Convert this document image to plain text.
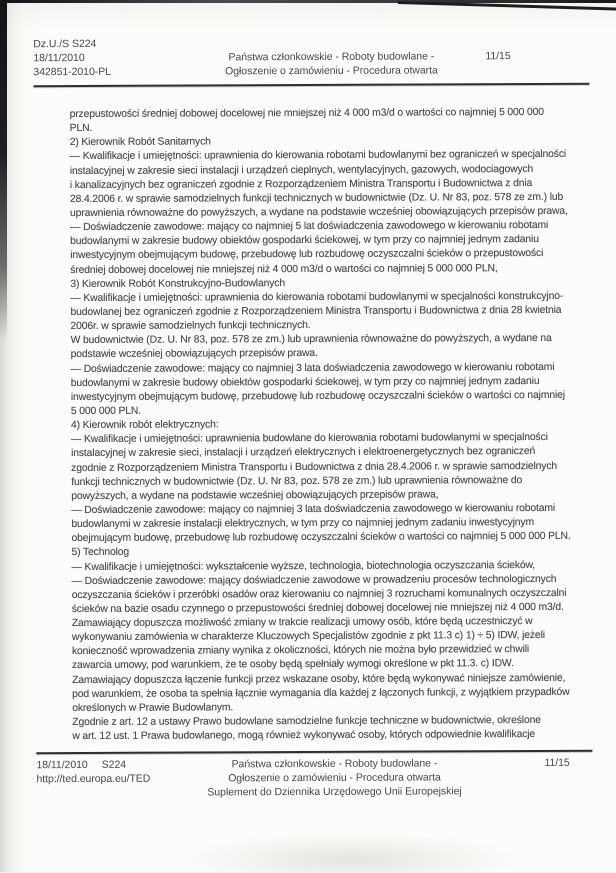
Dz.U./S S224
18/11/2010
342851-2010-PL
Państwa członkowskie - Roboty budowlane -
Ogłoszenie o zamówieniu - Procedura otwarta
11/15
przepustowości średniej dobowej docelowej nie mniejszej niż 4 000 m3/d o wartości co najmniej 5 000 000
PLN.
2) Kierownik Robót Sanitarnych
— Kwalifikacje i umiejętności: uprawnienia do kierowania robotami budowlanymi bez ograniczeń w specjalności
instalacyjnej w zakresie sieci instalacji i urządzeń cieplnych, wentylacyjnych, gazowych, wodociagowych
i kanalizacyjnych bez ograniczeń zgodnie z Rozporządzeniem Ministra Transportu i Budownictwa z dnia
28.4.2006 r. w sprawie samodzielnych funkcji technicznych w budownictwie (Dz. U. Nr 83, poz. 578 ze zm.) lub
uprawnienia równoważne do powyższych, a wydane na podstawie wcześniej obowiązujących przepisów prawa,
— Doświadczenie zawodowe: mający co najmniej 5 lat doświadczenia zawodowego w kierowaniu robotami
budowlanymi w zakresie budowy obiektów gospodarki ściekowej, w tym przy co najmniej jednym zadaniu
inwestycyjnym obejmującym budowę, przebudowę lub rozbudowę oczyszczalni ścieków o przepustowości
średniej dobowej docelowej nie mniejszej niż 4 000 m3/d o wartości co najmniej 5 000 000 PLN,
3) Kierownik Robót Konstrukcyjno-Budowlanych
— Kwalifikacje i umiejętności: uprawnienia do kierowania robotami budowlanymi w specjalności konstrukcyjno-
budowlanej bez ograniczeń zgodnie z Rozporządzeniem Ministra Transportu i Budownictwa z dnia 28 kwietnia
2006r. w sprawie samodzielnych funkcji technicznych.
W budownictwie (Dz. U. Nr 83, poz. 578 ze zm.) lub uprawnienia równoważne do powyższych, a wydane na
podstawie wcześniej obowiązujących przepisów prawa.
— Doświadczenie zawodowe: mający co najmniej 3 lata doświadczenia zawodowego w kierowaniu robotami
budowlanymi w zakresie budowy obiektów gospodarki ściekowej, w tym przy co najmniej jednym zadaniu
inwestycyjnym obejmującym budowę, przebudowę lub rozbudowę oczyszczalni ścieków o wartości co najmniej
5 000 000 PLN.
4) Kierownik robót elektrycznych:
— Kwalifikacje i umiejętności: uprawnienia budowlane do kierowania robotami budowlanymi w specjalności
instalacyjnej w zakresie sieci, instalacji i urządzeń elektrycznych i elektroenergetycznych bez ograniczeń
zgodnie z Rozporządzeniem Ministra Transportu i Budownictwa z dnia 28.4.2006 r. w sprawie samodzielnych
funkcji technicznych w budownictwie (Dz. U. Nr 83, poz. 578 ze zm.) lub uprawnienia równoważne do
powyższych, a wydane na podstawie wcześniej obowiązujących przepisów prawa,
— Doświadczenie zawodowe: mający co najmniej 3 lata doświadczenia zawodowego w kierowaniu robotami
budowlanymi w zakresie instalacji elektrycznych, w tym przy co najmniej jednym zadaniu inwestycyjnym
obejmującym budowę, przebudowę lub rozbudowę oczyszczalni ścieków o wartości co najmniej 5 000 000 PLN.
5) Technolog
— Kwalifikacje i umiejętności: wykształcenie wyższe, technologia, biotechnologia oczyszczania ścieków,
— Doświadczenie zawodowe: mający doświadczenie zawodowe w prowadzeniu procesów technologicznych
oczyszczania ścieków i przeróbki osadów oraz kierowaniu co najmniej 3 rozruchami komunalnych oczyszczalni
ścieków na bazie osadu czynnego o przepustowości średniej dobowej docelowej nie mniejszej niż 4 000 m3/d.
Zamawiający dopuszcza możliwość zmiany w trakcie realizacji umowy osób, które będą uczestniczyć w
wykonywaniu zamówienia w charakterze Kluczowych Specjalistów zgodnie z pkt 11.3 c) 1) ÷ 5) IDW, jeżeli
konieczność wprowadzenia zmiany wynika z okoliczności, których nie można było przewidzieć w chwili
zawarcia umowy, pod warunkiem, że te osoby będą spełniały wymogi określone w pkt 11.3. c) IDW.
Zamawiający dopuszcza łączenie funkcji przez wskazane osoby, które będą wykonywać niniejsze zamówienie,
pod warunkiem, że osoba ta spełnia łącznie wymagania dla każdej z łączonych funkcji, z wyjątkiem przypadków
określonych w Prawie Budowlanym.
Zgodnie z art. 12 a ustawy Prawo budowlane samodzielne funkcje techniczne w budownictwie, określone
w art. 12 ust. 1 Prawa budowlanego, mogą również wykonywać osoby, których odpowiednie kwalifikacje
18/11/2010 S224
http://ted.europa.eu/TED
Państwa członkowskie - Roboty budowlane -
Ogłoszenie o zamówieniu - Procedura otwarta
Suplement do Dziennika Urzędowego Unii Europejskiej
11/15
